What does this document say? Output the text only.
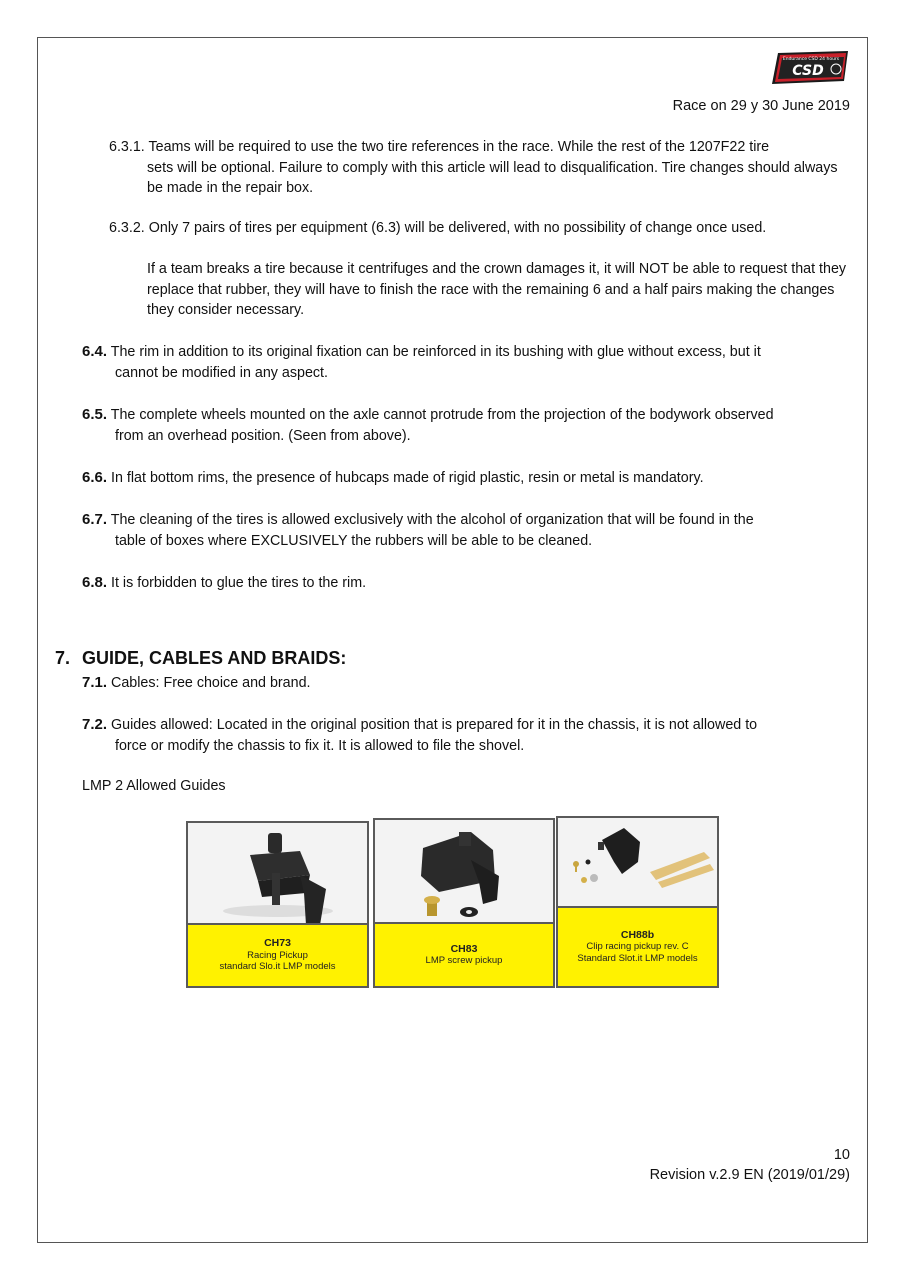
Endurance CSD 24 hours
CSD
Race on 29 y 30 June 2019
6.3.1. Teams will be required to use the two tire references in the race. While the rest of the 1207F22 tire
sets will be optional. Failure to comply with this article will lead to disqualification. Tire changes should always be made in the repair box.
6.3.2. Only 7 pairs of tires per equipment (6.3) will be delivered, with no possibility of change once used.
If a team breaks a tire because it centrifuges and the crown damages it, it will NOT be able to request that they replace that rubber, they will have to finish the race with the remaining 6 and a half pairs making the changes they consider necessary.
6.4. The rim in addition to its original fixation can be reinforced in its bushing with glue without excess, but it
cannot be modified in any aspect.
6.5. The complete wheels mounted on the axle cannot protrude from the projection of the bodywork observed
from an overhead position. (Seen from above).
6.6. In flat bottom rims, the presence of hubcaps made of rigid plastic, resin or metal is mandatory.
6.7. The cleaning of the tires is allowed exclusively with the alcohol of organization that will be found in the
table of boxes where EXCLUSIVELY the rubbers will be able to be cleaned.
6.8. It is forbidden to glue the tires to the rim.
7. GUIDE, CABLES AND BRAIDS:
7.1. Cables: Free choice and brand.
7.2. Guides allowed: Located in the original position that is prepared for it in the chassis, it is not allowed to
force or modify the chassis to fix it. It is allowed to file the shovel.
LMP 2 Allowed Guides
CH73
Racing Pickup
standard Slo.it LMP models
CH83
LMP screw pickup
CH88b
Clip racing pickup rev. C
Standard Slot.it LMP models
10
Revision v.2.9 EN (2019/01/29)
